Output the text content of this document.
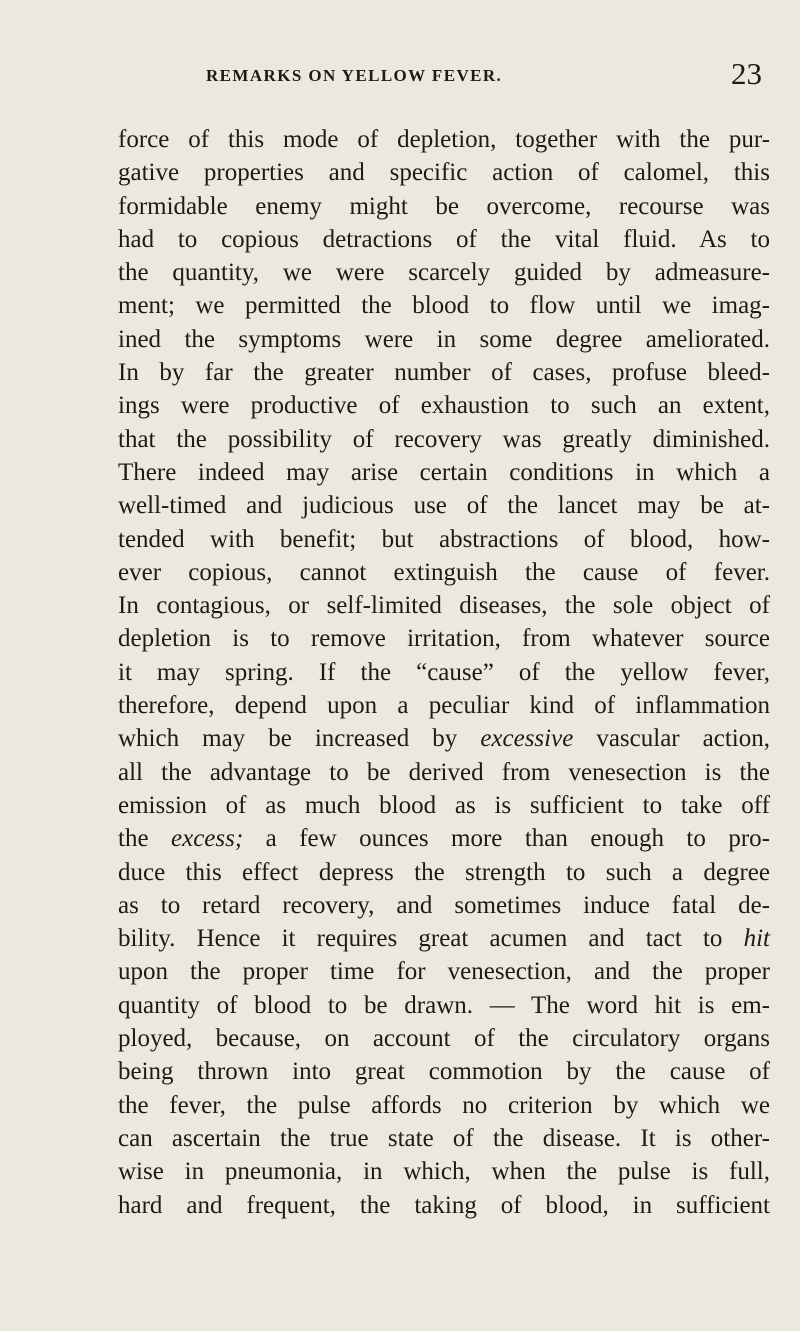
REMARKS ON YELLOW FEVER.	23
force of this mode of depletion, together with the pur-
gative properties and specific action of calomel, this
formidable enemy might be overcome, recourse was
had to copious detractions of the vital fluid. As to
the quantity, we were scarcely guided by admeasure-
ment; we permitted the blood to flow until we imag-
ined the symptoms were in some degree ameliorated.
In by far the greater number of cases, profuse bleed-
ings were productive of exhaustion to such an extent,
that the possibility of recovery was greatly diminished.
There indeed may arise certain conditions in which a
well-timed and judicious use of the lancet may be at-
tended with benefit; but abstractions of blood, how-
ever copious, cannot extinguish the cause of fever.
In contagious, or self-limited diseases, the sole object of
depletion is to remove irritation, from whatever source
it may spring. If the “cause” of the yellow fever,
therefore, depend upon a peculiar kind of inflammation
which may be increased by excessive vascular action,
all the advantage to be derived from venesection is the
emission of as much blood as is sufficient to take off
the excess; a few ounces more than enough to pro-
duce this effect depress the strength to such a degree
as to retard recovery, and sometimes induce fatal de-
bility. Hence it requires great acumen and tact to hit
upon the proper time for venesection, and the proper
quantity of blood to be drawn. — The word hit is em-
ployed, because, on account of the circulatory organs
being thrown into great commotion by the cause of
the fever, the pulse affords no criterion by which we
can ascertain the true state of the disease. It is other-
wise in pneumonia, in which, when the pulse is full,
hard and frequent, the taking of blood, in sufficient
